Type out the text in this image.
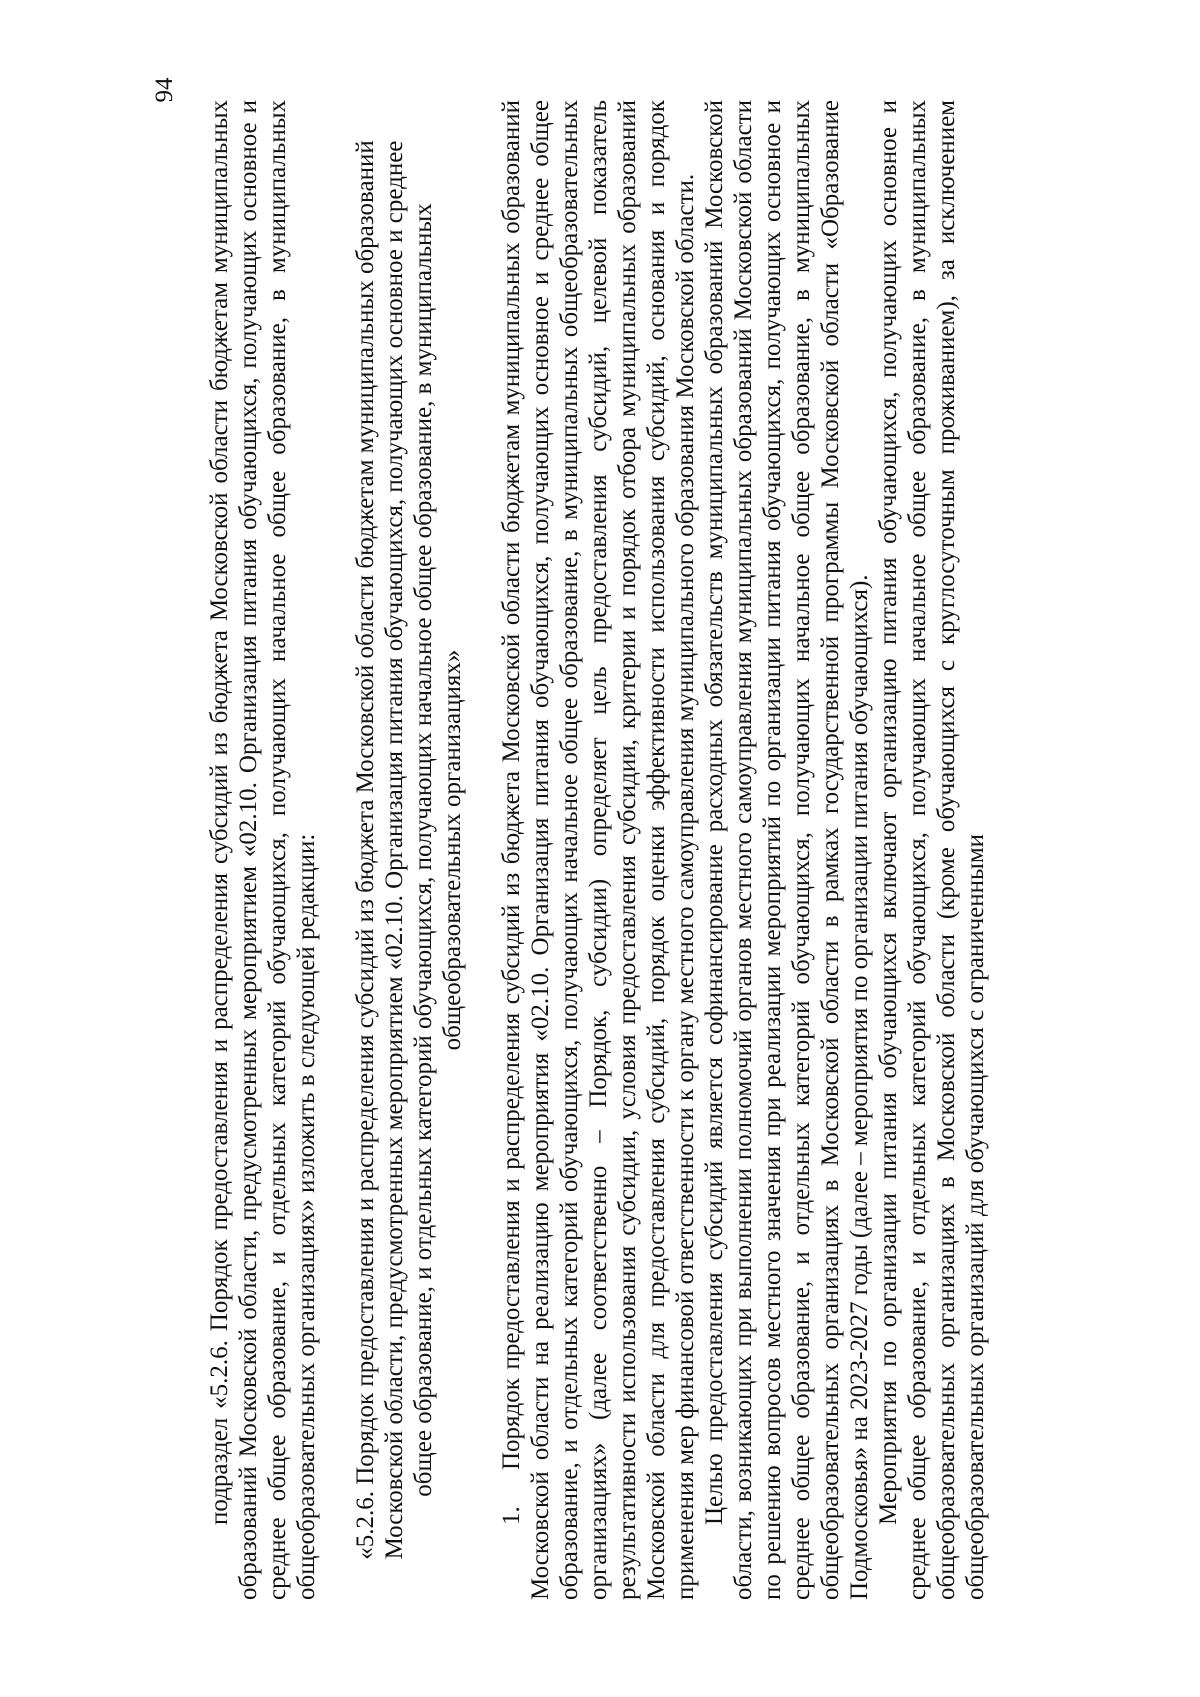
94

подраздел «5.2.6. Порядок предоставления и распределения субсидий из бюджета Московской области бюджетам муниципальных образований Московской области, предусмотренных мероприятием «02.10. Организация питания обучающихся, получающих основное и среднее общее образование, и отдельных категорий обучающихся, получающих начальное общее образование, в муниципальных общеобразовательных организациях» изложить в следующей редакции: «5.2.6. Порядок предоставления и распределения субсидий из бюджета Московской области бюджетам муниципальных образований Московской области, предусмотренных мероприятием «02.10. Организация питания обучающихся, получающих основное и среднее общее образование, и отдельных категорий обучающихся, получающих начальное общее образование, в муниципальных общеобразовательных организациях»

1.Порядок предоставления и распределения субсидий из бюджета Московской области бюджетам муниципальных образований Московской области на реализацию мероприятия «02.10. Организация питания обучающихся, получающих основное и среднее общее образование, и отдельных категорий обучающихся, получающих начальное общее образование, в муниципальных общеобразовательных организациях» (далее соответственно – Порядок, субсидии) определяет цель предоставления субсидий, целевой показатель результативности использования субсидии, условия предоставления субсидии, критерии и порядок отбора муниципальных образований Московской области для предоставления субсидий, порядок оценки эффективности использования субсидий, основания и порядок применения мер финансовой ответственности к органу местного самоуправления муниципального образования Московской области. Целью предоставления субсидий является софинансирование расходных обязательств муниципальных образований Московской области, возникающих при выполнении полномочий органов местного самоуправления муниципальных образований Московской области по решению вопросов местного значения при реализации мероприятий по организации питания обучающихся, получающих основное и среднее общее образование, и отдельных категорий обучающихся, получающих начальное общее образование, в муниципальных общеобразовательных организациях в Московской области в рамках государственной программы Московской области «Образование Подмосковья» на 2023-2027 годы (далее – мероприятия по организации питания обучающихся). Мероприятия по организации питания обучающихся включают организацию питания обучающихся, получающих основное и среднее общее образование, и отдельных категорий обучающихся, получающих начальное общее образование, в муниципальных общеобразовательных организациях в Московской области (кроме обучающихся с круглосуточным проживанием), за исключением общеобразовательных организаций для обучающихся с ограниченными
